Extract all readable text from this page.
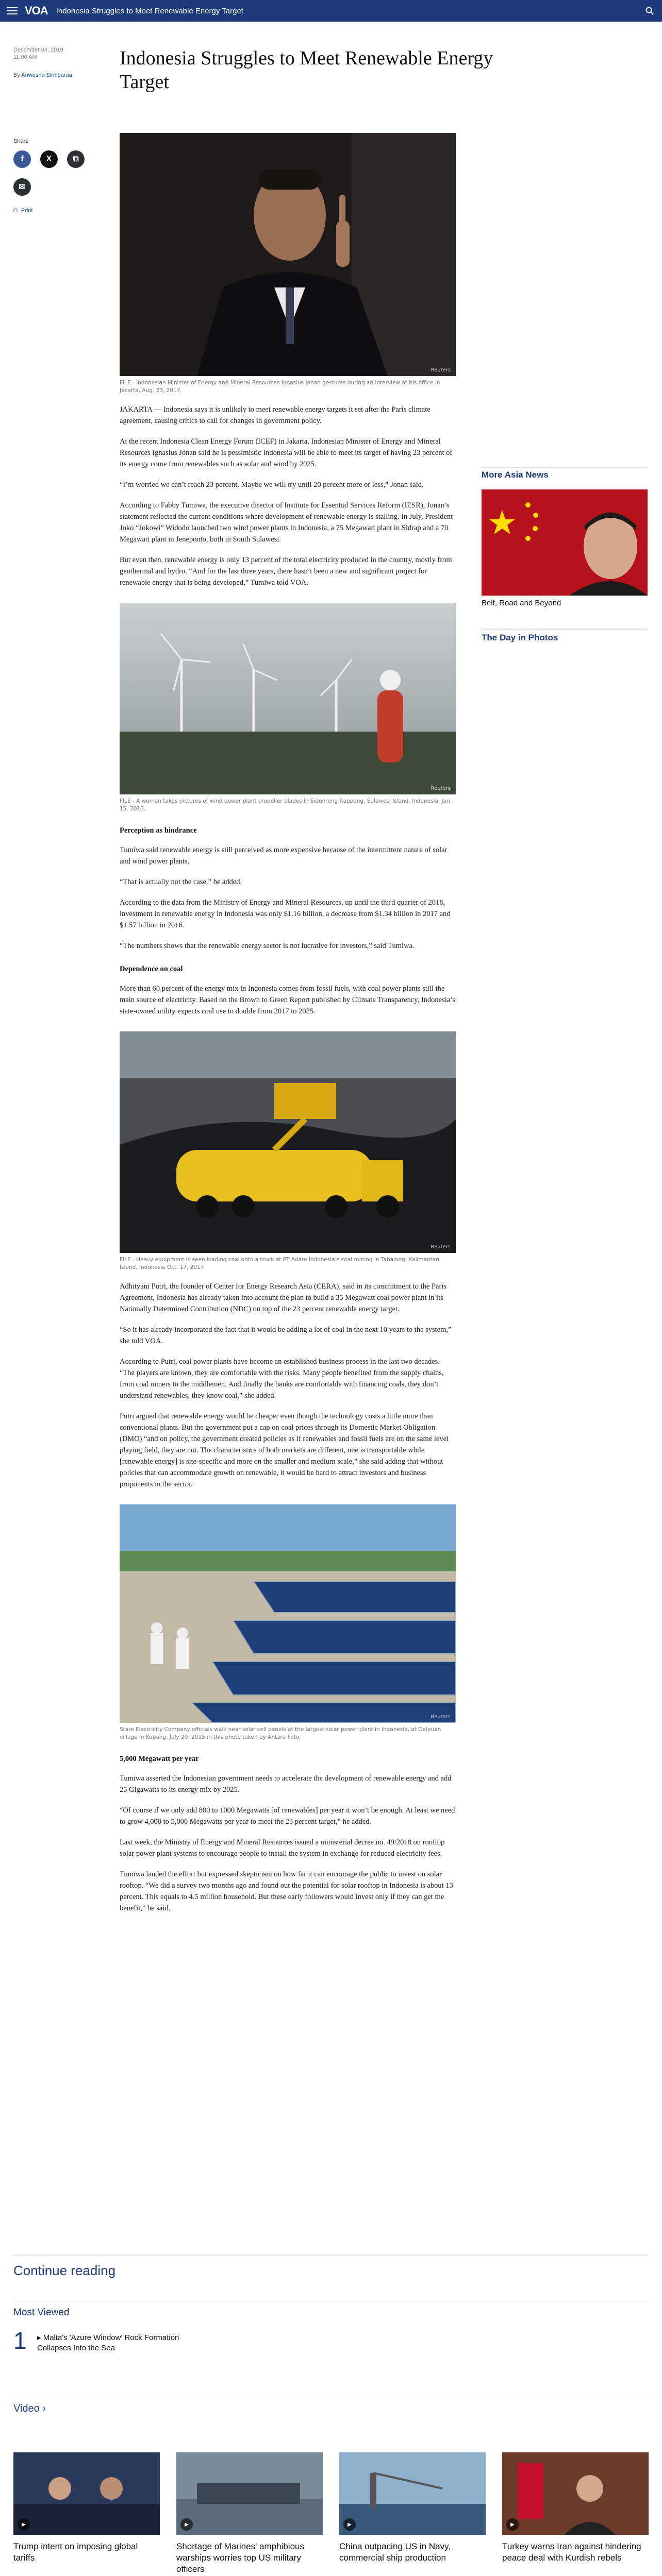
VOA Indonesia Struggles to Meet Renewable Energy Target
December 04, 2019
11:00 AM
By Anwesha Sinhbarua
Share
f	X	⧉
✉
⎙ Print
Indonesia Struggles to Meet Renewable Energy Target
Reuters
FILE - Indonesian Minister of Energy and Mineral Resources Ignasius Jonan gestures during an interview at his office in Jakarta, Aug. 23, 2017.

JAKARTA — Indonesia says it is unlikely to meet renewable energy targets it set after the Paris climate agreement, causing critics to call for changes in government policy.

At the recent Indonesia Clean Energy Forum (ICEF) in Jakarta, Indonesian Minister of Energy and Mineral Resources Ignasius Jonan said he is pessimistic Indonesia will be able to meet its target of having 23 percent of its energy come from renewables such as solar and wind by 2025.

“I’m worried we can’t reach 23 percent. Maybe we will try until 20 percent more or less,” Jonan said.

According to Fabby Tumiwa, the executive director of Institute for Essential Services Reform (IESR), Jonan’s statement reflected the current conditions where development of renewable energy is stalling. In July, President Joko “Jokowi” Widodo launched two wind power plants in Indonesia, a 75 Megawatt plant in Sidrap and a 70 Megawatt plant in Jeneponto, both in South Sulawesi.

But even then, renewable energy is only 13 percent of the total electricity produced in the country, mostly from geothermal and hydro. “And for the last three years, there hasn’t been a new and significant project for renewable energy that is being developed,” Tumiwa told VOA.

Reuters
FILE - A woman takes pictures of wind power plant propeller blades in Sidenreng Rappang, Sulawesi Island, Indonesia, Jan. 15, 2018.
Perception as hindrance

Tumiwa said renewable energy is still perceived as more expensive because of the intermittent nature of solar and wind power plants.

“That is actually not the case,” he added.

According to the data from the Ministry of Energy and Mineral Resources, up until the third quarter of 2018, investment in renewable energy in Indonesia was only $1.16 billion, a decrease from $1.34 billion in 2017 and $1.57 billion in 2016.

“The numbers shows that the renewable energy sector is not lucrative for investors,” said Tumiwa.

Dependence on coal

More than 60 percent of the energy mix in Indonesia comes from fossil fuels, with coal power plants still the main source of electricity. Based on the Brown to Green Report published by Climate Transparency, Indonesia’s state-owned utility expects coal use to double from 2017 to 2025.

Reuters
FILE - Heavy equipment is seen loading coal onto a truck at PT Adaro Indonesia’s coal mining in Tabalong, Kalimantan Island, Indonesia Oct. 17, 2017.

Adhityani Putri, the founder of Center for Energy Research Asia (CERA), said in its commitment to the Paris Agreement, Indonesia has already taken into account the plan to build a 35 Megawatt coal power plant in its Nationally Determined Contribution (NDC) on top of the 23 percent renewable energy target.

“So it has already incorporated the fact that it would be adding a lot of coal in the next 10 years to the system,” she told VOA.

According to Putri, coal power plants have become an established business process in the last two decades. “The players are known, they are comfortable with the risks. Many people benefited from the supply chains, from coal miners to the middlemen. And finally the banks are comfortable with financing coals, they don’t understand renewables, they know coal,” she added.

Putri argued that renewable energy would be cheaper even though the technology costs a little more than conventional plants. But the government put a cap on coal prices through its Domestic Market Obligation (DMO) “and on policy, the government created policies as if renewables and fossil fuels are on the same level playing field, they are not. The characteristics of both markets are different, one is transportable while [renewable energy] is site-specific and more on the smaller and medium scale,” she said adding that without policies that can accommodate growth on renewable, it would be hard to attract investors and business proponents in the sector.

Reuters
State Electricity Company officials walk near solar cell panels at the largest solar power plant in Indonesia, at Oelpuah village in Kupang, July 20, 2015 in this photo taken by Antara Foto.
5,000 Megawatt per year

Tumiwa asserted the Indonesian government needs to accelerate the development of renewable energy and add 25 Gigawatts to its energy mix by 2025.

“Of course if we only add 800 to 1000 Megawatts [of renewables] per year it won’t be enough. At least we need to grow 4,000 to 5,000 Megawatts per year to meet the 23 percent target,” he added.

Last week, the Ministry of Energy and Mineral Resources issued a ministerial decree no. 49/2018 on rooftop solar power plant systems to encourage people to install the system in exchange for reduced electricity fees.

Tumiwa lauded the effort but expressed skepticism on how far it can encourage the public to invest on solar rooftop. “We did a survey two months ago and found out the potential for solar rooftop in Indonesia is about 13 percent. This equals to 4.5 million household. But these early followers would invest only if they can get the benefit,” he said.

More Asia News
Belt, Road and Beyond
The Day in Photos
Continue reading
Most Viewed
1 ▸ Malta's 'Azure Window' Rock Formation Collapses Into the Sea
Video ›
▶	▶	▶	▶
Trump intent on imposing global tariffs
Shortage of Marines' amphibious warships worries top US military officers
China outpacing US in Navy, commercial ship production
Turkey warns Iran against hindering peace deal with Kurdish rebels
